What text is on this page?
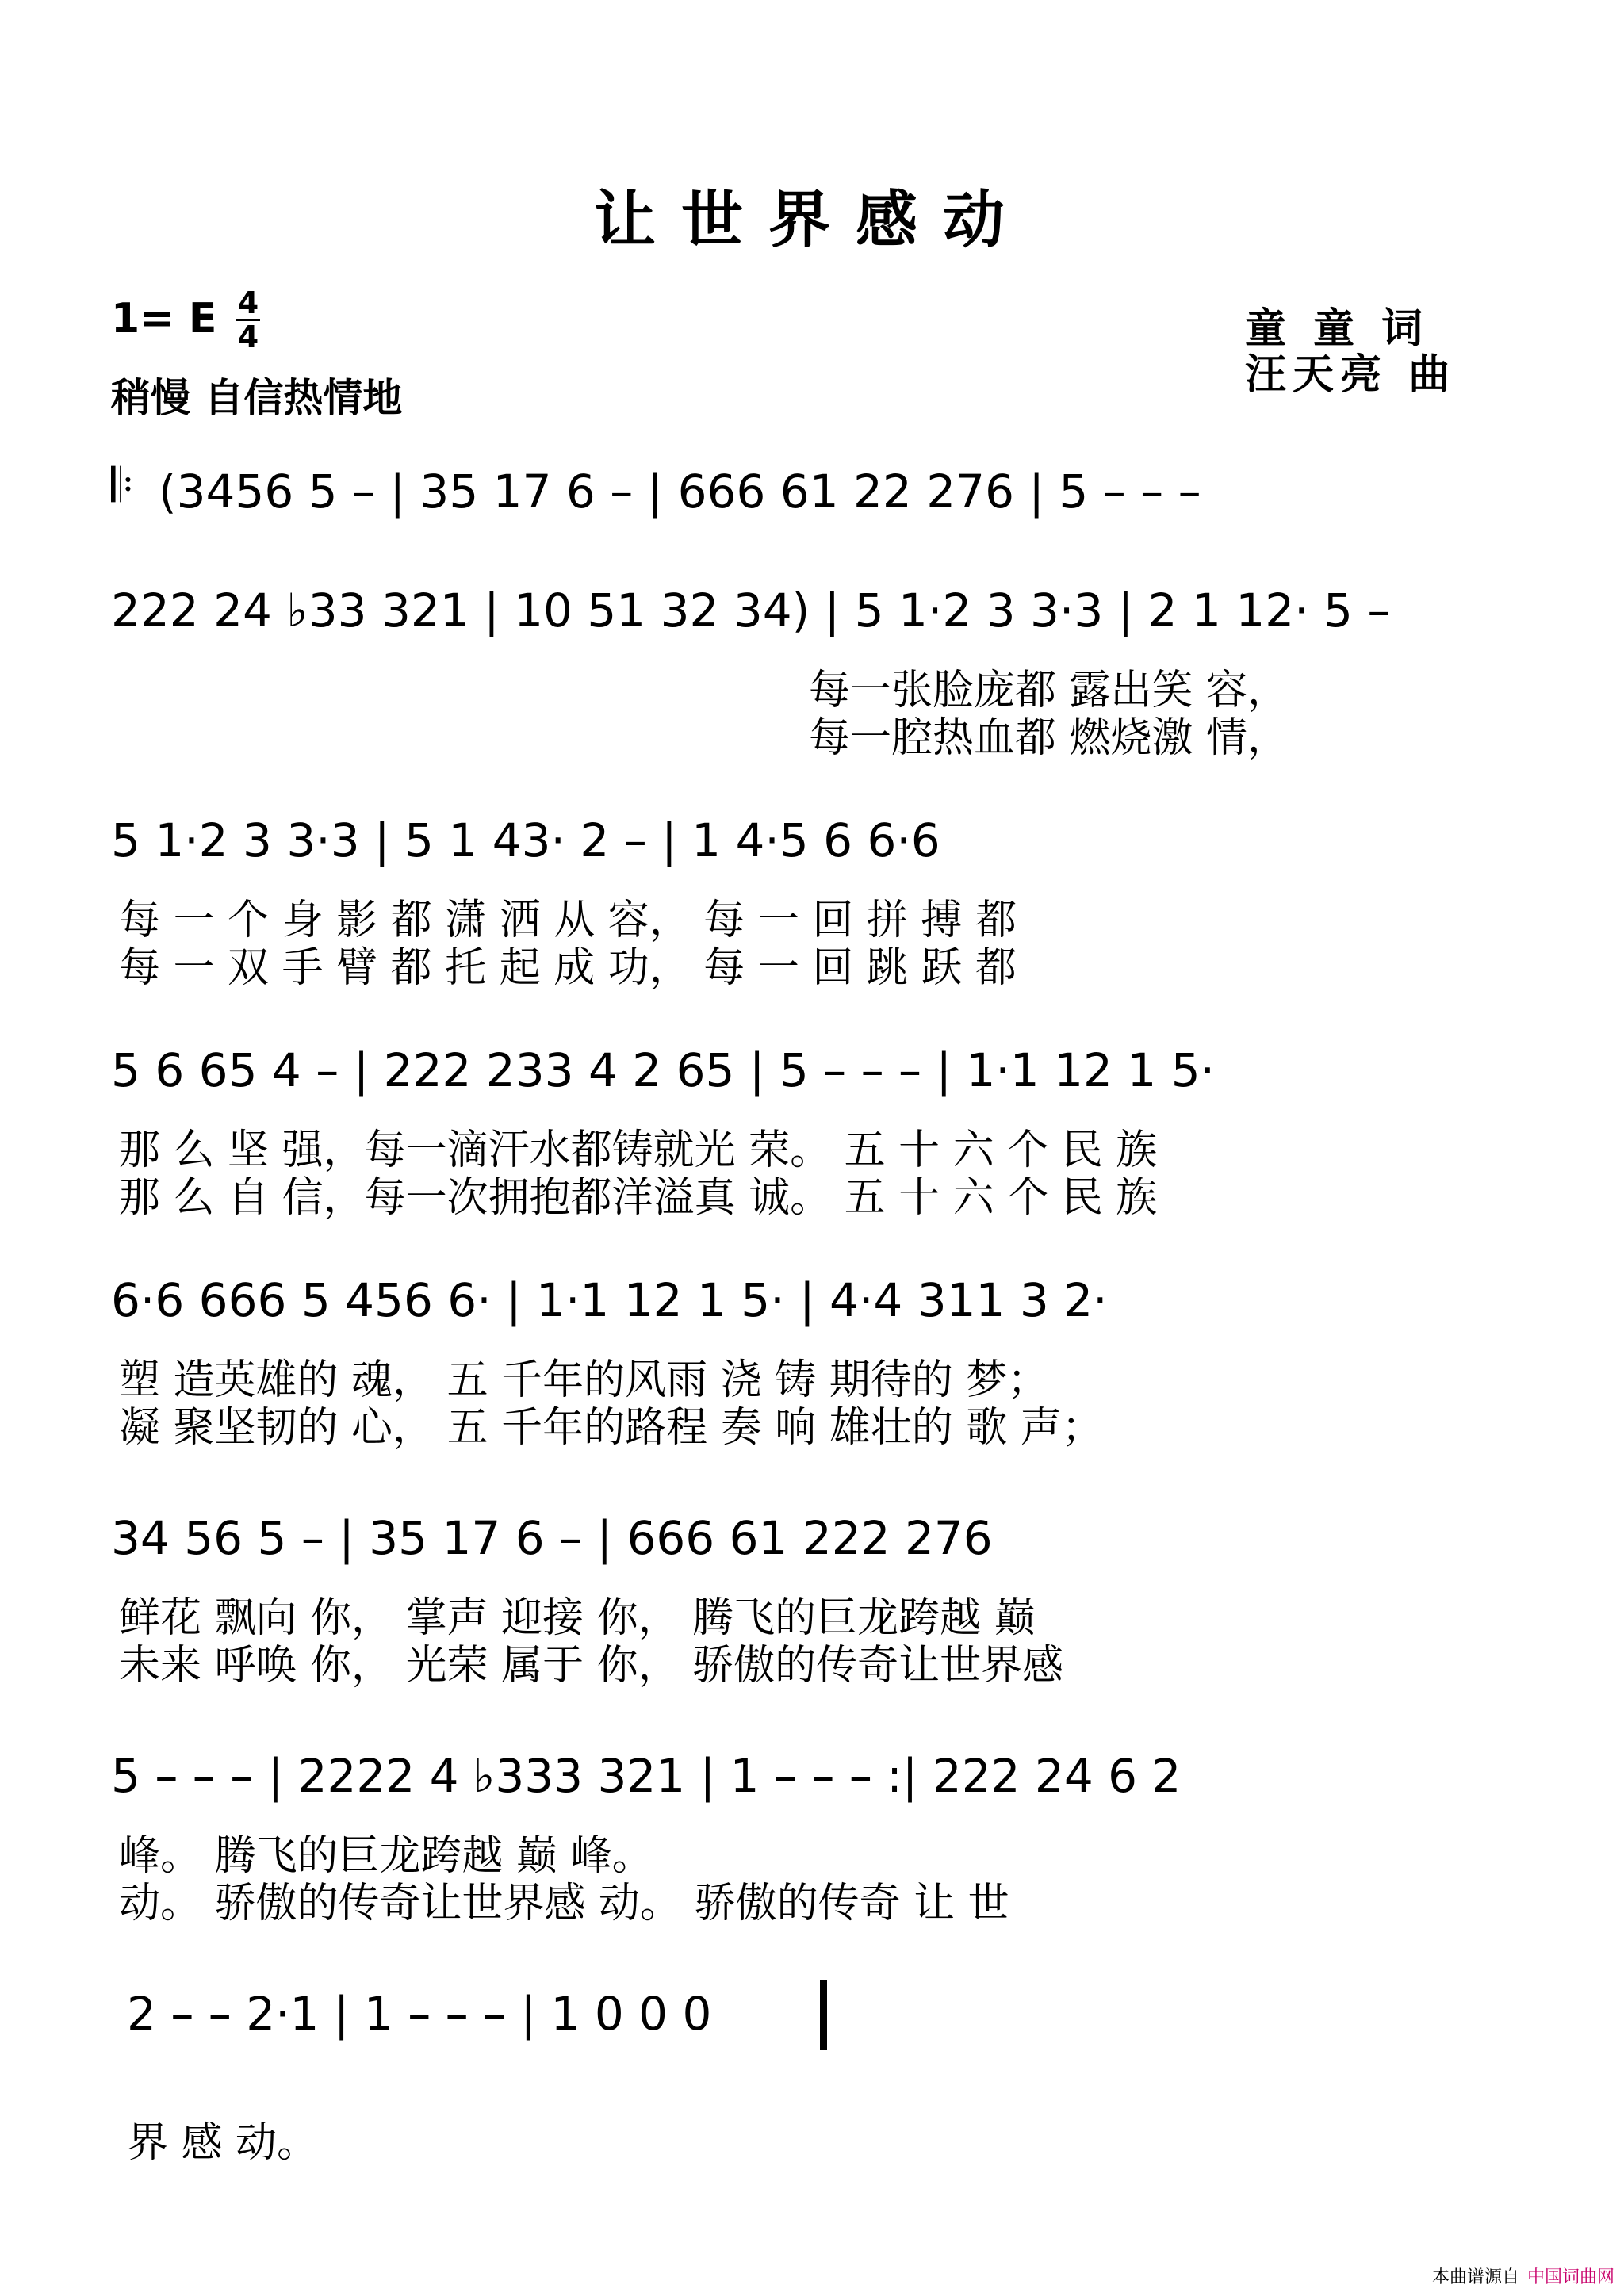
让世界感动
1= E 4
4
稍慢 自信热情地
童 童 词
汪天亮 曲
𝄆 (3456 5 – | 35 17 6 – | 666 61 22 276 | 5 – – –
222 24 ♭33 321 | 10 51 32 34) | 5 1·2 3 3·3 | 2 1 12· 5 –
每一张脸庞都 露出笑 容，
每一腔热血都 燃烧激 情，
5 1·2 3 3·3 | 5 1 43· 2 – | 1 4·5 6 6·6
每 一 个 身 影 都 潇 洒 从 容， 每 一 回 拼 搏 都
每 一 双 手 臂 都 托 起 成 功， 每 一 回 跳 跃 都
5 6 65 4 – | 222 233 4 2 65 | 5 – – – | 1·1 12 1 5·
那 么 坚 强，每一滴汗水都铸就光 荣。 五 十 六 个 民 族
那 么 自 信，每一次拥抱都洋溢真 诚。 五 十 六 个 民 族
6·6 666 5 456 6· | 1·1 12 1 5· | 4·4 311 3 2·
塑 造英雄的 魂， 五 千年的风雨 浇 铸 期待的 梦；
凝 聚坚韧的 心， 五 千年的路程 奏 响 雄壮的 歌 声；
34 56 5 – | 35 17 6 – | 666 61 222 276
鲜花 飘向 你， 掌声 迎接 你， 腾飞的巨龙跨越 巅
未来 呼唤 你， 光荣 属于 你， 骄傲的传奇让世界感
5 – – – | 2222 4 ♭333 321 | 1 – – – :| 222 24 6 2
峰。 腾飞的巨龙跨越 巅 峰。
动。 骄傲的传奇让世界感 动。 骄傲的传奇 让 世
2 – – 2·1 | 1 – – – | 1 0 0 0
界 感 动。
本曲谱源自 中国词曲网
